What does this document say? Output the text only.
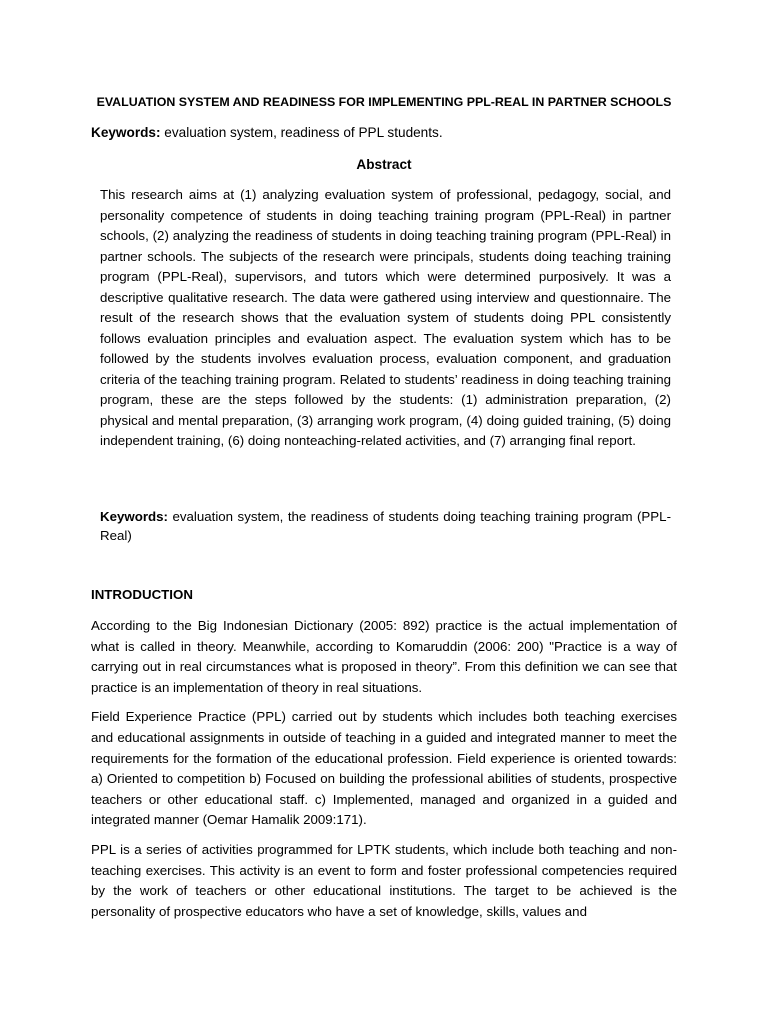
EVALUATION SYSTEM AND READINESS FOR IMPLEMENTING PPL-REAL IN PARTNER SCHOOLS
Keywords: evaluation system, readiness of PPL students.
Abstract
This research aims at (1) analyzing evaluation system of professional, pedagogy, social, and personality competence of students in doing teaching training program (PPL-Real) in partner schools, (2) analyzing the readiness of students in doing teaching training program (PPL-Real) in partner schools. The subjects of the research were principals, students doing teaching training program (PPL-Real), supervisors, and tutors which were determined purposively. It was a descriptive qualitative research. The data were gathered using interview and questionnaire. The result of the research shows that the evaluation system of students doing PPL consistently follows evaluation principles and evaluation aspect. The evaluation system which has to be followed by the students involves evaluation process, evaluation component, and graduation criteria of the teaching training program. Related to students’ readiness in doing teaching training program, these are the steps followed by the students: (1) administration preparation, (2) physical and mental preparation, (3) arranging work program, (4) doing guided training, (5) doing independent training, (6) doing nonteaching-related activities, and (7) arranging final report.
Keywords: evaluation system, the readiness of students doing teaching training program (PPL- Real)
INTRODUCTION

According to the Big Indonesian Dictionary (2005: 892) practice is the actual implementation of what is called in theory. Meanwhile, according to Komaruddin (2006: 200) "Practice is a way of carrying out in real circumstances what is proposed in theory”. From this definition we can see that practice is an implementation of theory in real situations.

Field Experience Practice (PPL) carried out by students which includes both teaching exercises and educational assignments in outside of teaching in a guided and integrated manner to meet the requirements for the formation of the educational profession. Field experience is oriented towards: a) Oriented to competition b) Focused on building the professional abilities of students, prospective teachers or other educational staff. c) Implemented, managed and organized in a guided and integrated manner (Oemar Hamalik 2009:171).

PPL is a series of activities programmed for LPTK students, which include both teaching and non-teaching exercises. This activity is an event to form and foster professional competencies required by the work of teachers or other educational institutions. The target to be achieved is the personality of prospective educators who have a set of knowledge, skills, values and
